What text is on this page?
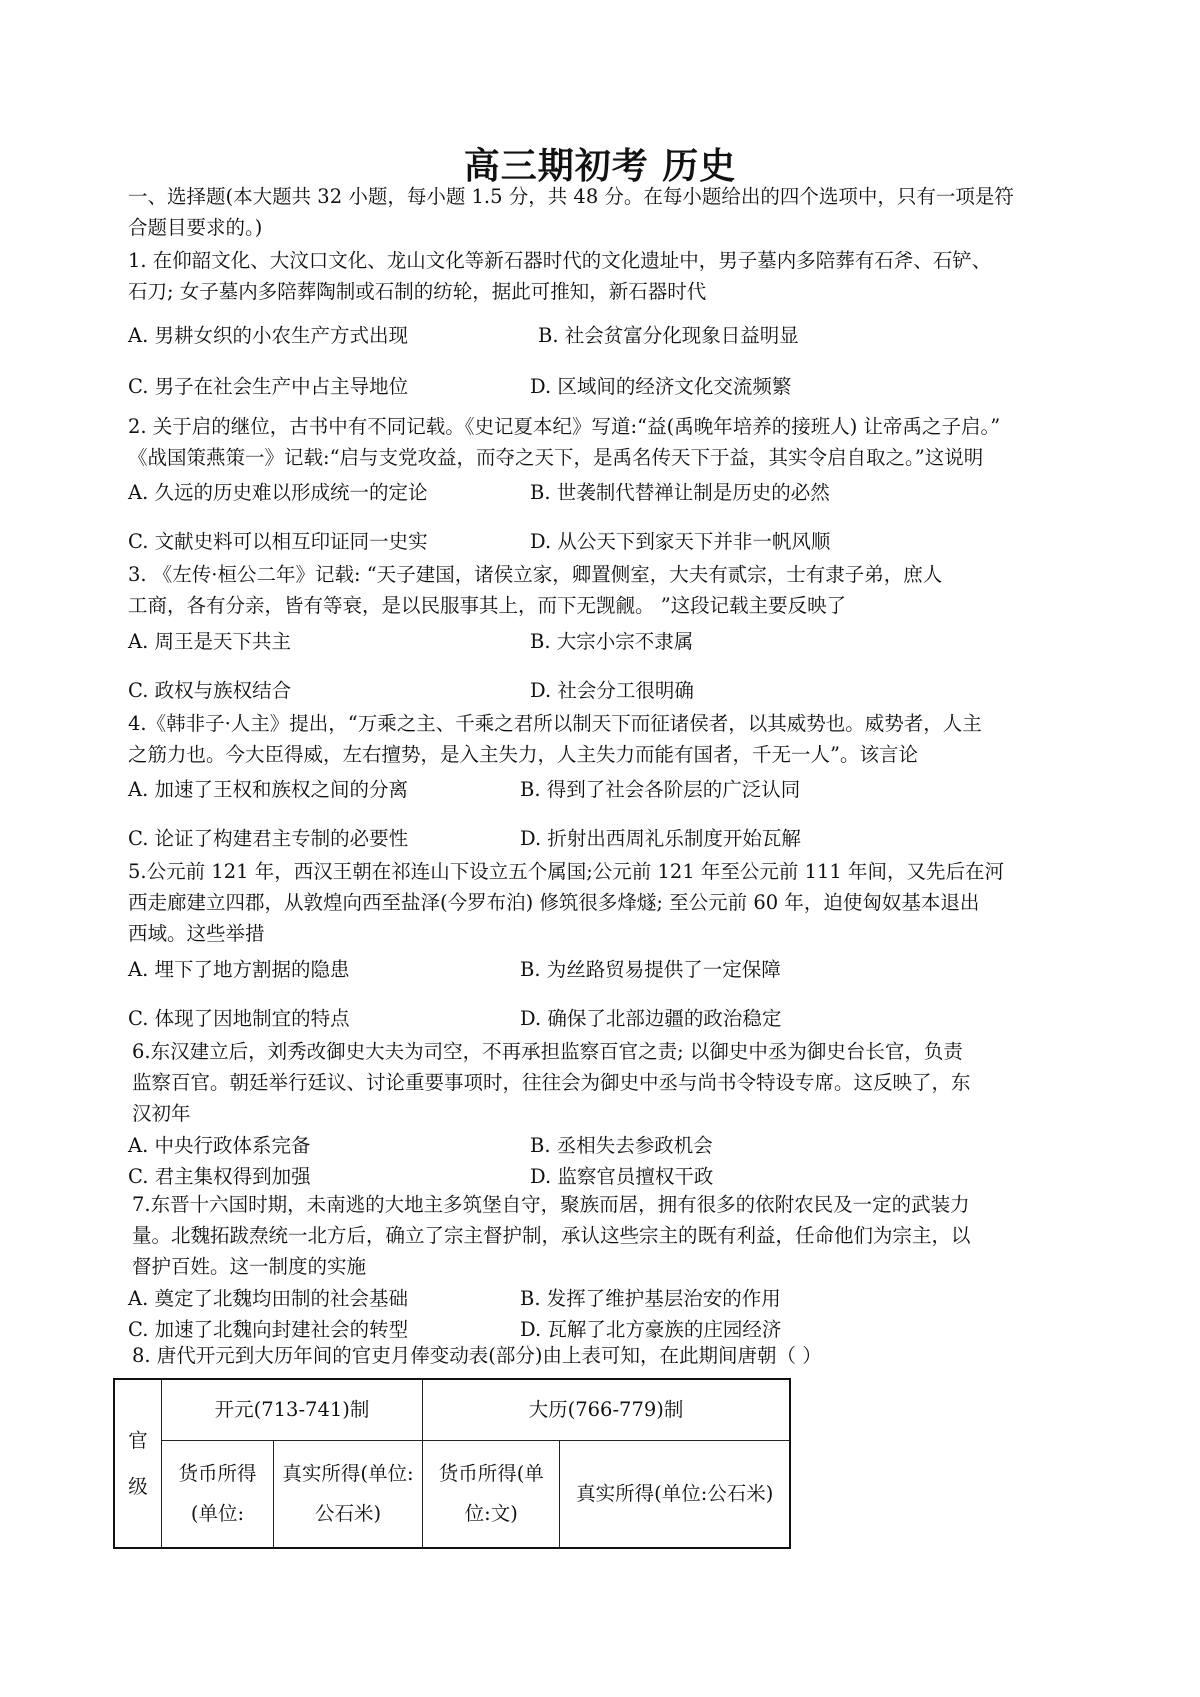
高三期初考 历史
一、选择题(本大题共 32 小题，每小题 1.5 分，共 48 分。在每小题给出的四个选项中，只有一项是符
合题目要求的。)
1. 在仰韶文化、大汶口文化、龙山文化等新石器时代的文化遗址中，男子墓内多陪葬有石斧、石铲、
石刀; 女子墓内多陪葬陶制或石制的纺轮，据此可推知，新石器时代
A. 男耕女织的小农生产方式出现	B. 社会贫富分化现象日益明显
C. 男子在社会生产中占主导地位	D. 区域间的经济文化交流频繁
2. 关于启的继位，古书中有不同记载。《史记夏本纪》写道:“益(禹晚年培养的接班人) 让帝禹之子启。”
《战国策燕策一》记载:“启与支党攻益，而夺之天下，是禹名传天下于益，其实令启自取之。”这说明
A. 久远的历史难以形成统一的定论	B. 世袭制代替禅让制是历史的必然
C. 文献史料可以相互印证同一史实	D. 从公天下到家天下并非一帆风顺
3. 《左传·桓公二年》记载: “天子建国，诸侯立家，卿置侧室，大夫有贰宗，士有隶子弟，庶人
工商，各有分亲，皆有等衰，是以民服事其上，而下无觊觎。 ”这段记载主要反映了
A. 周王是天下共主	B. 大宗小宗不隶属
C. 政权与族权结合	D. 社会分工很明确
4.《韩非子·人主》提出，“万乘之主、千乘之君所以制天下而征诸侯者，以其威势也。威势者，人主
之筋力也。今大臣得威，左右擅势，是入主失力，人主失力而能有国者，千无一人”。该言论
A. 加速了王权和族权之间的分离	B. 得到了社会各阶层的广泛认同
C. 论证了构建君主专制的必要性	D. 折射出西周礼乐制度开始瓦解
5.公元前 121 年，西汉王朝在祁连山下设立五个属国;公元前 121 年至公元前 111 年间，又先后在河
西走廊建立四郡，从敦煌向西至盐泽(今罗布泊) 修筑很多烽燧; 至公元前 60 年，迫使匈奴基本退出
西域。这些举措
A. 埋下了地方割据的隐患	B. 为丝路贸易提供了一定保障
C. 体现了因地制宜的特点	D. 确保了北部边疆的政治稳定
6.东汉建立后，刘秀改御史大夫为司空，不再承担监察百官之责; 以御史中丞为御史台长官，负责
监察百官。朝廷举行廷议、讨论重要事项时，往往会为御史中丞与尚书令特设专席。这反映了，东
汉初年
A. 中央行政体系完备	B. 丞相失去参政机会
C. 君主集权得到加强	D. 监察官员擅权干政
7.东晋十六国时期，未南逃的大地主多筑堡自守，聚族而居，拥有很多的依附农民及一定的武装力
量。北魏拓跋焘统一北方后，确立了宗主督护制，承认这些宗主的既有利益，任命他们为宗主，以
督护百姓。这一制度的实施
A. 奠定了北魏均田制的社会基础	B. 发挥了维护基层治安的作用
C. 加速了北魏向封建社会的转型	D. 瓦解了北方豪族的庄园经济
8. 唐代开元到大历年间的官吏月俸变动表(部分)由上表可知，在此期间唐朝（ ）
官级	开元(713-741)制		大历(766-779)制	
	货币所得(单位:	真实所得(单位:公石米)	货币所得(单位:文)	真实所得(单位:公石米)
